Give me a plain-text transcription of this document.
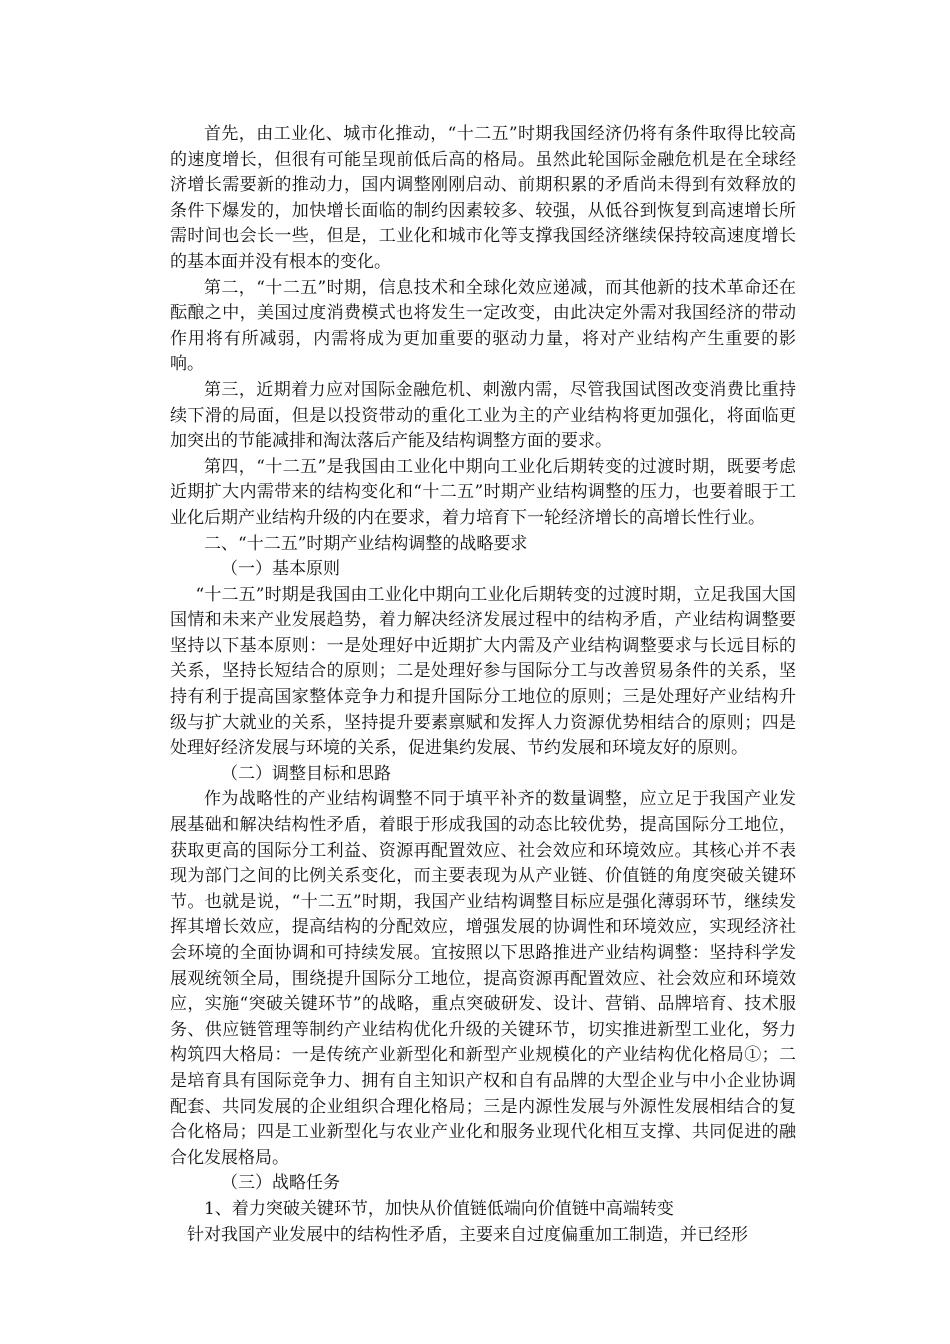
首先，由工业化、城市化推动，“十二五”时期我国经济仍将有条件取得比较高的速度增长，但很有可能呈现前低后高的格局。虽然此轮国际金融危机是在全球经济增长需要新的推动力，国内调整刚刚启动、前期积累的矛盾尚未得到有效释放的条件下爆发的，加快增长面临的制约因素较多、较强，从低谷到恢复到高速增长所需时间也会长一些，但是，工业化和城市化等支撑我国经济继续保持较高速度增长的基本面并没有根本的变化。

第二，“十二五”时期，信息技术和全球化效应递减，而其他新的技术革命还在酝酿之中，美国过度消费模式也将发生一定改变，由此决定外需对我国经济的带动作用将有所减弱，内需将成为更加重要的驱动力量，将对产业结构产生重要的影响。

第三，近期着力应对国际金融危机、刺激内需，尽管我国试图改变消费比重持续下滑的局面，但是以投资带动的重化工业为主的产业结构将更加强化，将面临更加突出的节能减排和淘汰落后产能及结构调整方面的要求。

第四，“十二五”是我国由工业化中期向工业化后期转变的过渡时期，既要考虑近期扩大内需带来的结构变化和“十二五”时期产业结构调整的压力，也要着眼于工业化后期产业结构升级的内在要求，着力培育下一轮经济增长的高增长性行业。

二、“十二五”时期产业结构调整的战略要求

（一）基本原则

“十二五”时期是我国由工业化中期向工业化后期转变的过渡时期，立足我国大国国情和未来产业发展趋势，着力解决经济发展过程中的结构矛盾，产业结构调整要坚持以下基本原则：一是处理好中近期扩大内需及产业结构调整要求与长远目标的关系，坚持长短结合的原则；二是处理好参与国际分工与改善贸易条件的关系，坚持有利于提高国家整体竞争力和提升国际分工地位的原则；三是处理好产业结构升级与扩大就业的关系，坚持提升要素禀赋和发挥人力资源优势相结合的原则；四是处理好经济发展与环境的关系，促进集约发展、节约发展和环境友好的原则。

（二）调整目标和思路

作为战略性的产业结构调整不同于填平补齐的数量调整，应立足于我国产业发展基础和解决结构性矛盾，着眼于形成我国的动态比较优势，提高国际分工地位，获取更高的国际分工利益、资源再配置效应、社会效应和环境效应。其核心并不表现为部门之间的比例关系变化，而主要表现为从产业链、价值链的角度突破关键环节。也就是说，“十二五”时期，我国产业结构调整目标应是强化薄弱环节，继续发挥其增长效应，提高结构的分配效应，增强发展的协调性和环境效应，实现经济社会环境的全面协调和可持续发展。宜按照以下思路推进产业结构调整：坚持科学发展观统领全局，围绕提升国际分工地位，提高资源再配置效应、社会效应和环境效应，实施“突破关键环节”的战略，重点突破研发、设计、营销、品牌培育、技术服务、供应链管理等制约产业结构优化升级的关键环节，切实推进新型工业化，努力构筑四大格局：一是传统产业新型化和新型产业规模化的产业结构优化格局①；二是培育具有国际竞争力、拥有自主知识产权和自有品牌的大型企业与中小企业协调配套、共同发展的企业组织合理化格局；三是内源性发展与外源性发展相结合的复合化格局；四是工业新型化与农业产业化和服务业现代化相互支撑、共同促进的融合化发展格局。

（三）战略任务

1、着力突破关键环节，加快从价值链低端向价值链中高端转变

针对我国产业发展中的结构性矛盾，主要来自过度偏重加工制造，并已经形
